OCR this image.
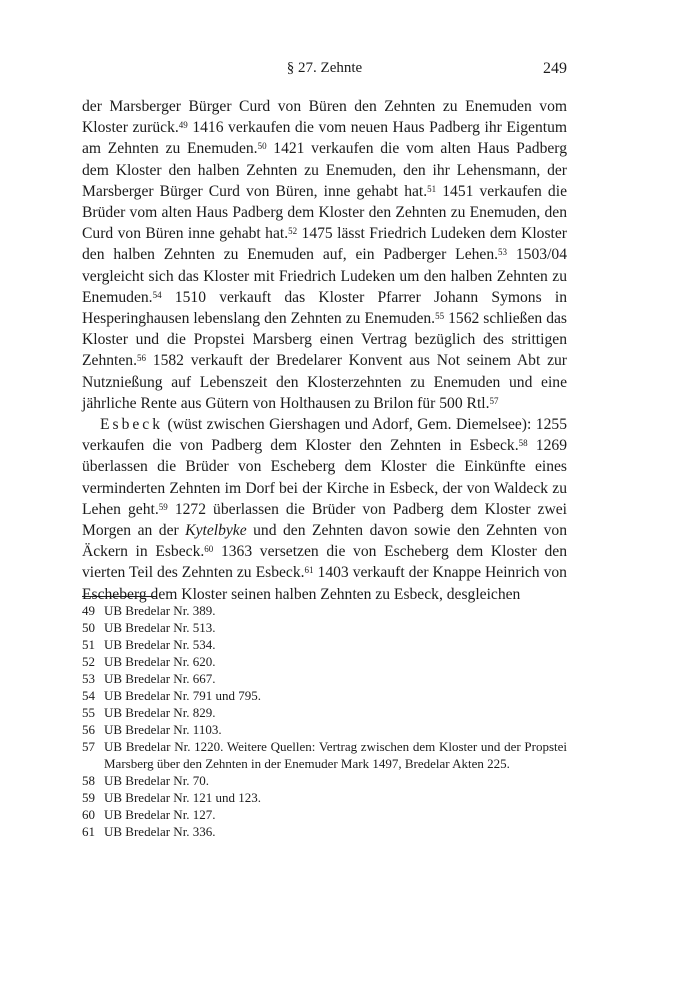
§ 27. Zehnte	249

der Marsberger Bürger Curd von Büren den Zehnten zu Enemuden vom Kloster zurück.$^{49}$ 1416 verkaufen die vom neuen Haus Padberg ihr Eigentum am Zehnten zu Enemuden.$^{50}$ 1421 verkaufen die vom alten Haus Padberg dem Kloster den halben Zehnten zu Enemuden, den ihr Lehensmann, der Marsberger Bürger Curd von Büren, inne gehabt hat.$^{51}$ 1451 verkaufen die Brüder vom alten Haus Padberg dem Kloster den Zehnten zu Enemuden, den Curd von Büren inne gehabt hat.$^{52}$ 1475 lässt Friedrich Ludeken dem Kloster den halben Zehnten zu Enemuden auf, ein Padberger Lehen.$^{53}$ 1503/04 vergleicht sich das Kloster mit Friedrich Ludeken um den halben Zehnten zu Enemuden.$^{54}$ 1510 verkauft das Kloster Pfarrer Johann Symons in Hesperinghausen lebenslang den Zehnten zu Enemuden.$^{55}$ 1562 schließen das Kloster und die Propstei Marsberg einen Vertrag bezüglich des strittigen Zehnten.$^{56}$ 1582 verkauft der Bredelarer Konvent aus Not seinem Abt zur Nutznießung auf Lebenszeit den Klosterzehnten zu Enemuden und eine jährliche Rente aus Gütern von Holthausen zu Brilon für 500 Rtl.$^{57}$

Esbeck (wüst zwischen Giershagen und Adorf, Gem. Diemelsee): 1255 verkaufen die von Padberg dem Kloster den Zehnten in Esbeck.$^{58}$ 1269 überlassen die Brüder von Escheberg dem Kloster die Einkünfte eines verminderten Zehnten im Dorf bei der Kirche in Esbeck, der von Waldeck zu Lehen geht.$^{59}$ 1272 überlassen die Brüder von Padberg dem Kloster zwei Morgen an der Kytelbyke und den Zehnten davon sowie den Zehnten von Äckern in Esbeck.$^{60}$ 1363 versetzen die von Escheberg dem Kloster den vierten Teil des Zehnten zu Esbeck.$^{61}$ 1403 verkauft der Knappe Heinrich von Escheberg dem Kloster seinen halben Zehnten zu Esbeck, desgleichen

49 UB Bredelar Nr. 389.
50 UB Bredelar Nr. 513.
51 UB Bredelar Nr. 534.
52 UB Bredelar Nr. 620.
53 UB Bredelar Nr. 667.
54 UB Bredelar Nr. 791 und 795.
55 UB Bredelar Nr. 829.
56 UB Bredelar Nr. 1103.
57 UB Bredelar Nr. 1220. Weitere Quellen: Vertrag zwischen dem Kloster und der Propstei Marsberg über den Zehnten in der Enemuder Mark 1497, Bredelar Akten 225.
58 UB Bredelar Nr. 70.
59 UB Bredelar Nr. 121 und 123.
60 UB Bredelar Nr. 127.
61 UB Bredelar Nr. 336.
